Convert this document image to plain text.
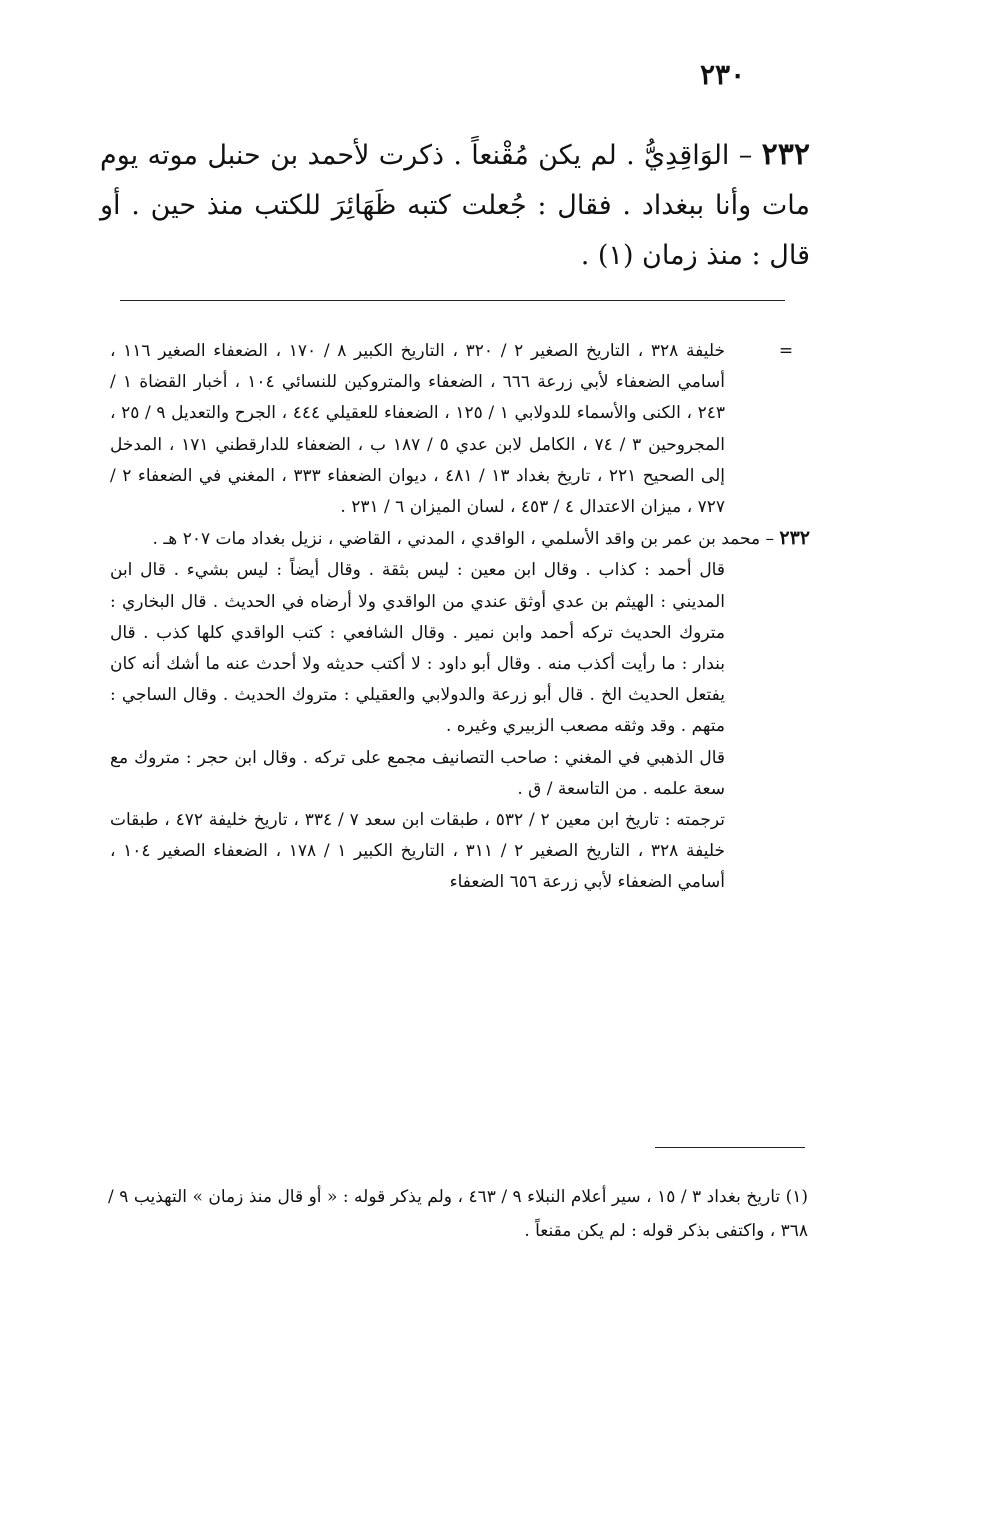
٢٣٠
٢٣٢ – الوَاقِدِيُّ . لم يكن مُقْنعاً . ذكرت لأحمد بن حنبل موته يوم مات وأنا ببغداد . فقال : جُعلت كتبه ظَهَائِرَ للكتب منذ حين . أو قال : منذ زمان (١) .
=

خليفة ٣٢٨ ، التاريخ الصغير ٢ / ٣٢٠ ، التاريخ الكبير ٨ / ١٧٠ ، الضعفاء الصغير ١١٦ ، أسامي الضعفاء لأبي زرعة ٦٦٦ ، الضعفاء والمتروكين للنسائي ١٠٤ ، أخبار القضاة ١ / ٢٤٣ ، الكنى والأسماء للدولابي ١ / ١٢٥ ، الضعفاء للعقيلي ٤٤٤ ، الجرح والتعديل ٩ / ٢٥ ، المجروحين ٣ / ٧٤ ، الكامل لابن عدي ٥ / ١٨٧ ب ، الضعفاء للدارقطني ١٧١ ، المدخل إلى الصحيح ٢٢١ ، تاريخ بغداد ١٣ / ٤٨١ ، ديوان الضعفاء ٣٣٣ ، المغني في الضعفاء ٢ / ٧٢٧ ، ميزان الاعتدال ٤ / ٤٥٣ ، لسان الميزان ٦ / ٢٣١ .

٢٣٢ – محمد بن عمر بن واقد الأسلمي ، الواقدي ، المدني ، القاضي ، نزيل بغداد مات ٢٠٧ هـ .

قال أحمد : كذاب . وقال ابن معين : ليس بثقة . وقال أيضاً : ليس بشيء . قال ابن المديني : الهيثم بن عدي أوثق عندي من الواقدي ولا أرضاه في الحديث . قال البخاري : متروك الحديث تركه أحمد وابن نمير . وقال الشافعي : كتب الواقدي كلها كذب . قال بندار : ما رأيت أكذب منه . وقال أبو داود : لا أكتب حديثه ولا أحدث عنه ما أشك أنه كان يفتعل الحديث الخ . قال أبو زرعة والدولابي والعقيلي : متروك الحديث . وقال الساجي : متهم . وقد وثقه مصعب الزبيري وغيره .

قال الذهبي في المغني : صاحب التصانيف مجمع على تركه . وقال ابن حجر : متروك مع سعة علمه . من التاسعة / ق .

ترجمته : تاريخ ابن معين ٢ / ٥٣٢ ، طبقات ابن سعد ٧ / ٣٣٤ ، تاريخ خليفة ٤٧٢ ، طبقات خليفة ٣٢٨ ، التاريخ الصغير ٢ / ٣١١ ، التاريخ الكبير ١ / ١٧٨ ، الضعفاء الصغير ١٠٤ ، أسامي الضعفاء لأبي زرعة ٦٥٦ الضعفاء

(١) تاريخ بغداد ٣ / ١٥ ، سير أعلام النبلاء ٩ / ٤٦٣ ، ولم يذكر قوله : « أو قال منذ زمان » التهذيب ٩ / ٣٦٨ ، واكتفى بذكر قوله : لم يكن مقنعاً .
